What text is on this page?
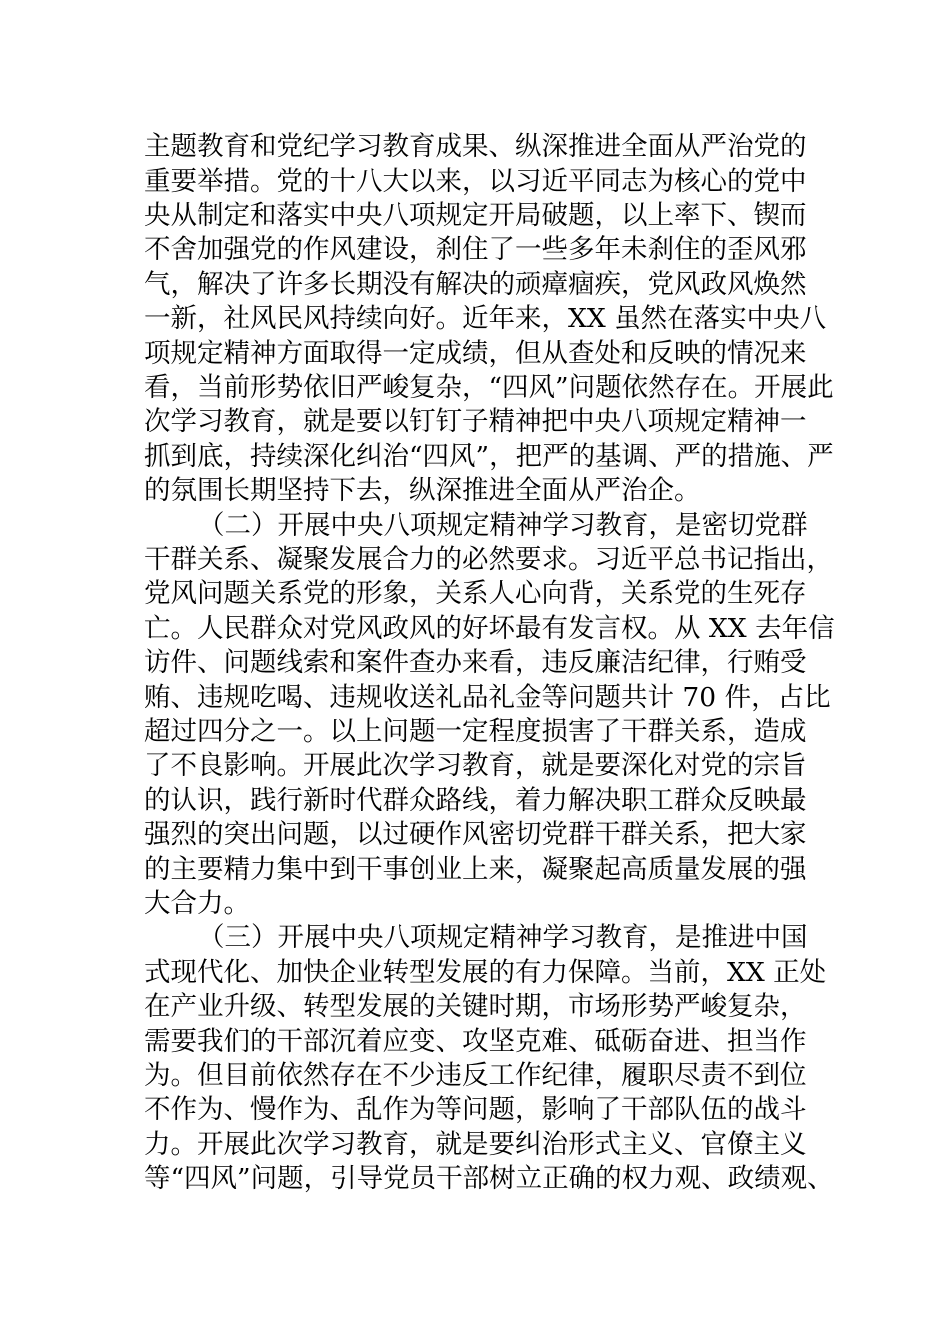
主题教育和党纪学习教育成果、纵深推进全面从严治党的
重要举措。党的十八大以来，以习近平同志为核心的党中
央从制定和落实中央八项规定开局破题，以上率下、锲而
不舍加强党的作风建设，刹住了一些多年未刹住的歪风邪
气，解决了许多长期没有解决的顽瘴痼疾，党风政风焕然
一新，社风民风持续向好。近年来，XX 虽然在落实中央八
项规定精神方面取得一定成绩，但从查处和反映的情况来
看，当前形势依旧严峻复杂，“四风”问题依然存在。开展此
次学习教育，就是要以钉钉子精神把中央八项规定精神一
抓到底，持续深化纠治“四风”，把严的基调、严的措施、严
的氛围长期坚持下去，纵深推进全面从严治企。
（二）开展中央八项规定精神学习教育，是密切党群
干群关系、凝聚发展合力的必然要求。习近平总书记指出，
党风问题关系党的形象，关系人心向背，关系党的生死存
亡。人民群众对党风政风的好坏最有发言权。从 XX 去年信
访件、问题线索和案件查办来看，违反廉洁纪律，行贿受
贿、违规吃喝、违规收送礼品礼金等问题共计 70 件，占比
超过四分之一。以上问题一定程度损害了干群关系，造成
了不良影响。开展此次学习教育，就是要深化对党的宗旨
的认识，践行新时代群众路线，着力解决职工群众反映最
强烈的突出问题，以过硬作风密切党群干群关系，把大家
的主要精力集中到干事创业上来，凝聚起高质量发展的强
大合力。
（三）开展中央八项规定精神学习教育，是推进中国
式现代化、加快企业转型发展的有力保障。当前，XX 正处
在产业升级、转型发展的关键时期，市场形势严峻复杂，
需要我们的干部沉着应变、攻坚克难、砥砺奋进、担当作
为。但目前依然存在不少违反工作纪律，履职尽责不到位
不作为、慢作为、乱作为等问题，影响了干部队伍的战斗
力。开展此次学习教育，就是要纠治形式主义、官僚主义
等“四风”问题，引导党员干部树立正确的权力观、政绩观、
